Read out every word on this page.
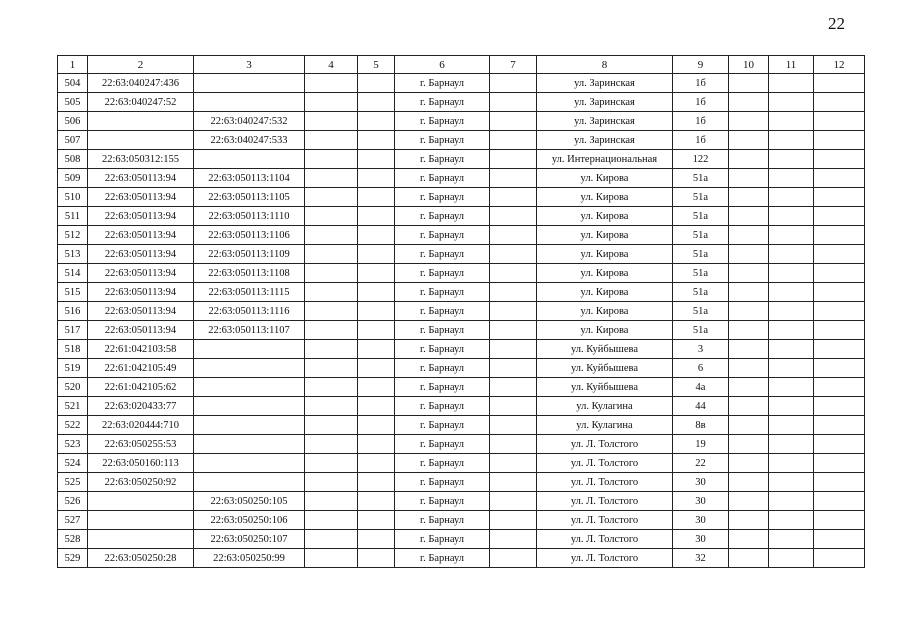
22
1	2	3	4	5	6	7	8	9	10	11	12
504	22:63:040247:436				г. Барнаул		ул. Заринская	1б			
505	22:63:040247:52				г. Барнаул		ул. Заринская	1б			
506		22:63:040247:532			г. Барнаул		ул. Заринская	1б			
507		22:63:040247:533			г. Барнаул		ул. Заринская	1б			
508	22:63:050312:155				г. Барнаул		ул. Интернациональная	122			
509	22:63:050113:94	22:63:050113:1104			г. Барнаул		ул. Кирова	51а			
510	22:63:050113:94	22:63:050113:1105			г. Барнаул		ул. Кирова	51а			
511	22:63:050113:94	22:63:050113:1110			г. Барнаул		ул. Кирова	51а			
512	22:63:050113:94	22:63:050113:1106			г. Барнаул		ул. Кирова	51а			
513	22:63:050113:94	22:63:050113:1109			г. Барнаул		ул. Кирова	51а			
514	22:63:050113:94	22:63:050113:1108			г. Барнаул		ул. Кирова	51а			
515	22:63:050113:94	22:63:050113:1115			г. Барнаул		ул. Кирова	51а			
516	22:63:050113:94	22:63:050113:1116			г. Барнаул		ул. Кирова	51а			
517	22:63:050113:94	22:63:050113:1107			г. Барнаул		ул. Кирова	51а			
518	22:61:042103:58				г. Барнаул		ул. Куйбышева	3			
519	22:61:042105:49				г. Барнаул		ул. Куйбышева	6			
520	22:61:042105:62				г. Барнаул		ул. Куйбышева	4а			
521	22:63:020433:77				г. Барнаул		ул. Кулагина	44			
522	22:63:020444:710				г. Барнаул		ул. Кулагина	8в			
523	22:63:050255:53				г. Барнаул		ул. Л. Толстого	19			
524	22:63:050160:113				г. Барнаул		ул. Л. Толстого	22			
525	22:63:050250:92				г. Барнаул		ул. Л. Толстого	30			
526		22:63:050250:105			г. Барнаул		ул. Л. Толстого	30			
527		22:63:050250:106			г. Барнаул		ул. Л. Толстого	30			
528		22:63:050250:107			г. Барнаул		ул. Л. Толстого	30			
529	22:63:050250:28	22:63:050250:99			г. Барнаул		ул. Л. Толстого	32			
